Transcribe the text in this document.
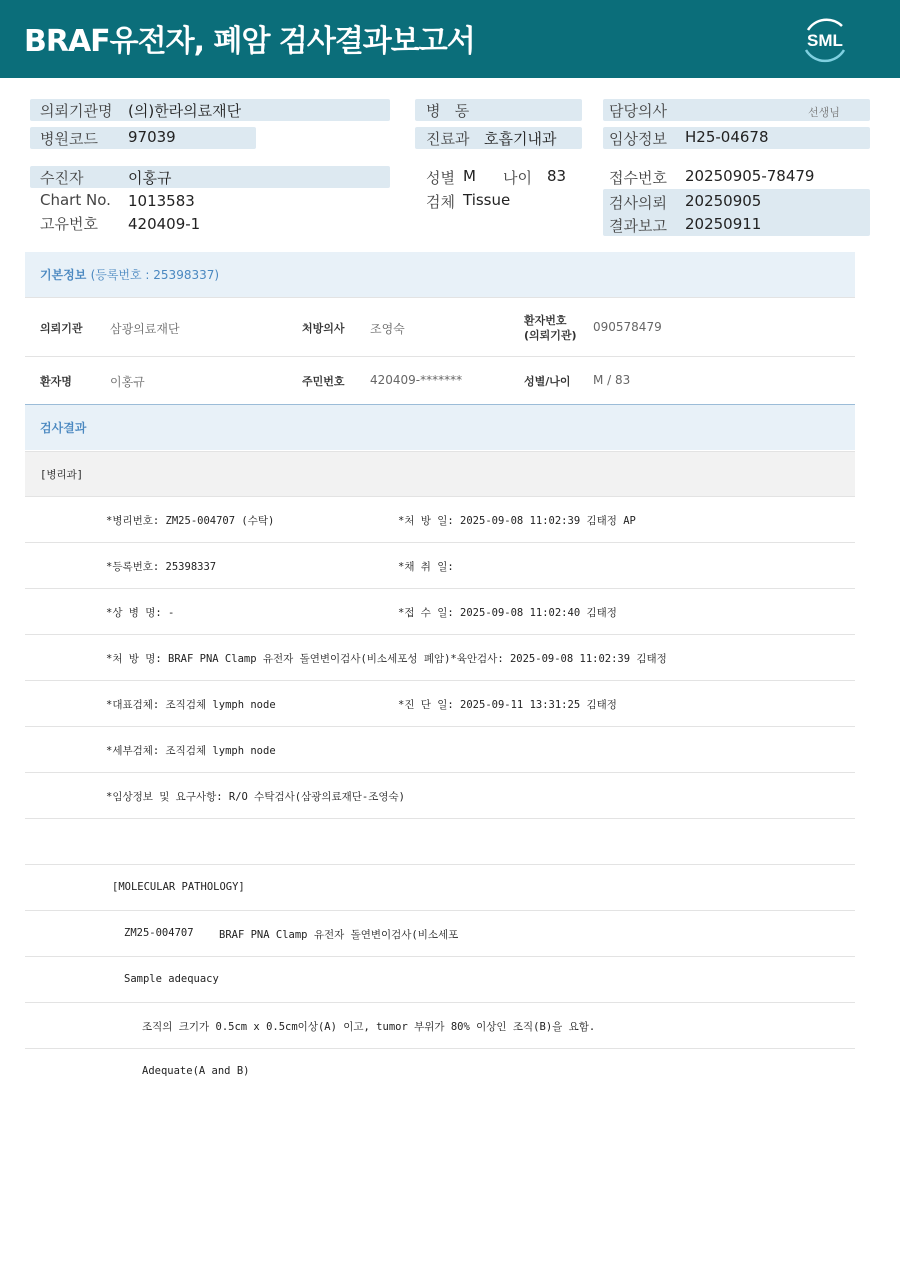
BRAF유전자, 폐암 검사결과보고서	SML
의뢰기관명 (의)한라의료재단
병원코드 97039
병   동
진료과 호흡기내과
담당의사	선생님
임상정보 H25-04678
수진자	이홍규
Chart No. 1013583
고유번호 420409-1
성별 M 나이 83
검체 Tissue
접수번호 20250905-78479
검사의뢰 20250905
결과보고 20250911
기본정보 (등록번호 : 25398337)
의뢰기관 삼광의료재단	처방의사 조영숙
환자번호
(의뢰기관)
090578479
환자명	이홍규	주민번호 420409-*******	성별/나이 M / 83
검사결과
[병리과]
*병리번호: ZM25-004707 (수탁)	*처 방 일: 2025-09-08 11:02:39 김태정 AP
*등록번호: 25398337	*채 취 일:
*상 병 명: -	*접 수 일: 2025-09-08 11:02:40 김태정
*처 방 명: BRAF PNA Clamp 유전자 돌연변이검사(비소세포성 폐암)*육안검사: 2025-09-08 11:02:39 김태정
*대표검체: 조직검체 lymph node	*진 단 일: 2025-09-11 13:31:25 김태정
*세부검체: 조직검체 lymph node
*임상정보 및 요구사항: R/O 수탁검사(삼광의료재단-조영숙)
[MOLECULAR PATHOLOGY]
ZM25-004707 BRAF PNA Clamp 유전자 돌연변이검사(비소세포
Sample adequacy
조직의 크기가 0.5cm x 0.5cm이상(A) 이고, tumor 부위가 80% 이상인 조직(B)을 요함.
Adequate(A and B)
